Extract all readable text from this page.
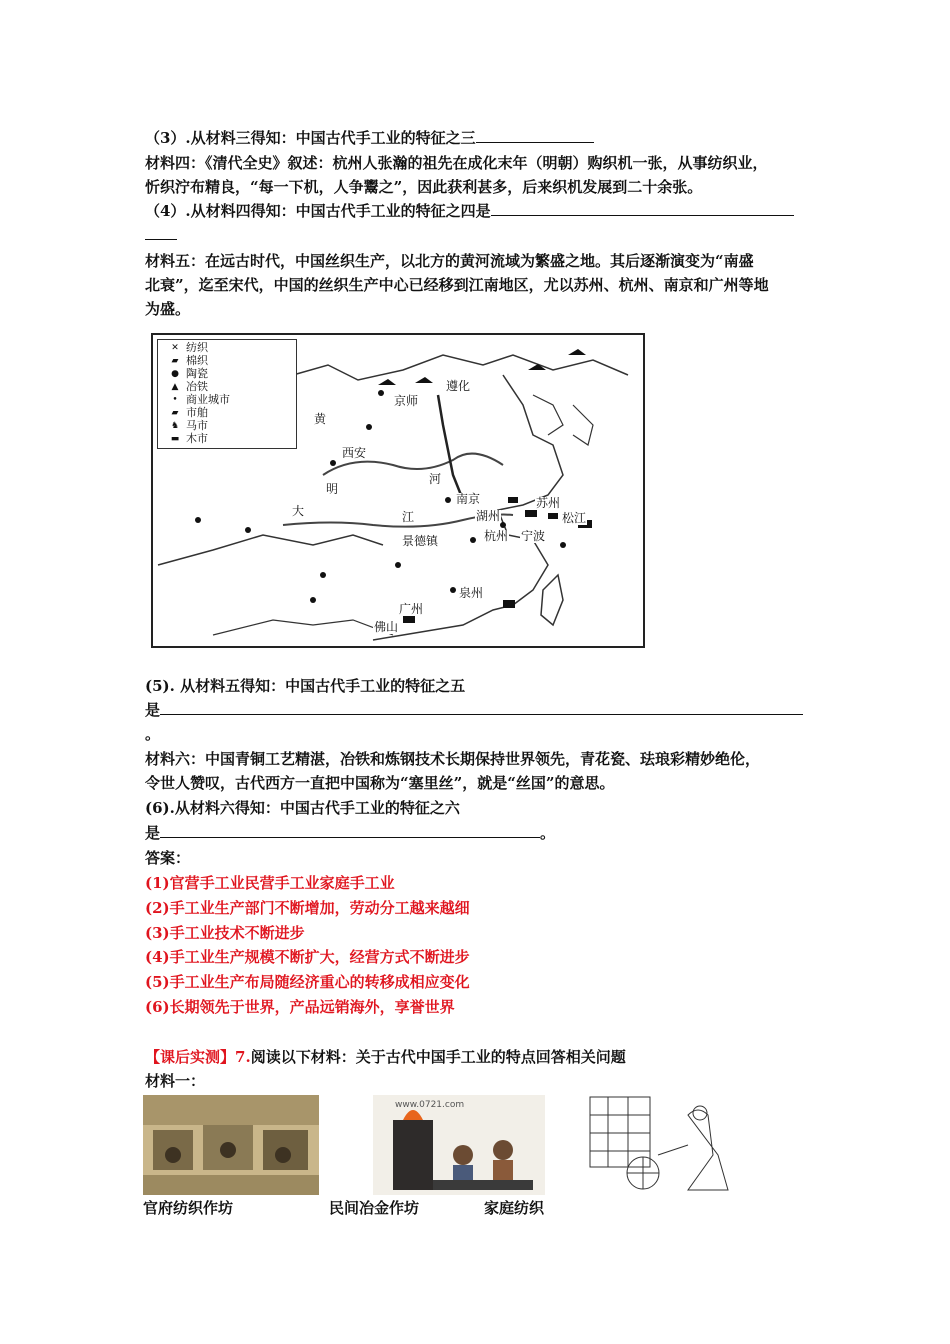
（3）.从材料三得知：中国古代手工业的特征之三
材料四：《清代全史》叙述：杭州人张瀚的祖先在成化末年（明朝）购织机一张，从事纺织业，
忻织泞布精良，“每一下机，人争鬻之”，因此获利甚多，后来织机发展到二十余张。
（4）.从材料四得知：中国古代手工业的特征之四是
材料五：在远古时代，中国丝织生产，以北方的黄河流域为繁盛之地。其后逐渐演变为“南盛
北衰”，迄至宋代，中国的丝织生产中心已经移到江南地区，尤以苏州、杭州、南京和广州等地
为盛。
✕ 纺织
▰ 棉织
● 陶瓷
▲ 冶铁
• 商业城市
▰ 市舶
♞ 马市
▬ 木市
遵化
京师
黄
西安
明
河
南京	苏州
松江
湖州
大	江
景德镇	杭州 宁波
泉州
广州
佛山
(5). 从材料五得知：中国古代手工业的特征之五
是
。
材料六：中国青铜工艺精湛，冶铁和炼钢技术长期保持世界领先，青花瓷、珐琅彩精妙绝伦，
令世人赞叹，古代西方一直把中国称为“塞里丝”，就是“丝国”的意思。
(6).从材料六得知：中国古代手工业的特征之六
是	。
答案：
(1)官营手工业民营手工业家庭手工业
(2)手工业生产部门不断增加，劳动分工越来越细
(3)手工业技术不断进步
(4)手工业生产规模不断扩大，经营方式不断进步
(5)手工业生产布局随经济重心的转移成相应变化
(6)长期领先于世界，产品远销海外，享誉世界
【课后实测】7.阅读以下材料：关于古代中国手工业的特点回答相关问题
材料一：
www.0721.com
官府纺织作坊	民间冶金作坊	家庭纺织
